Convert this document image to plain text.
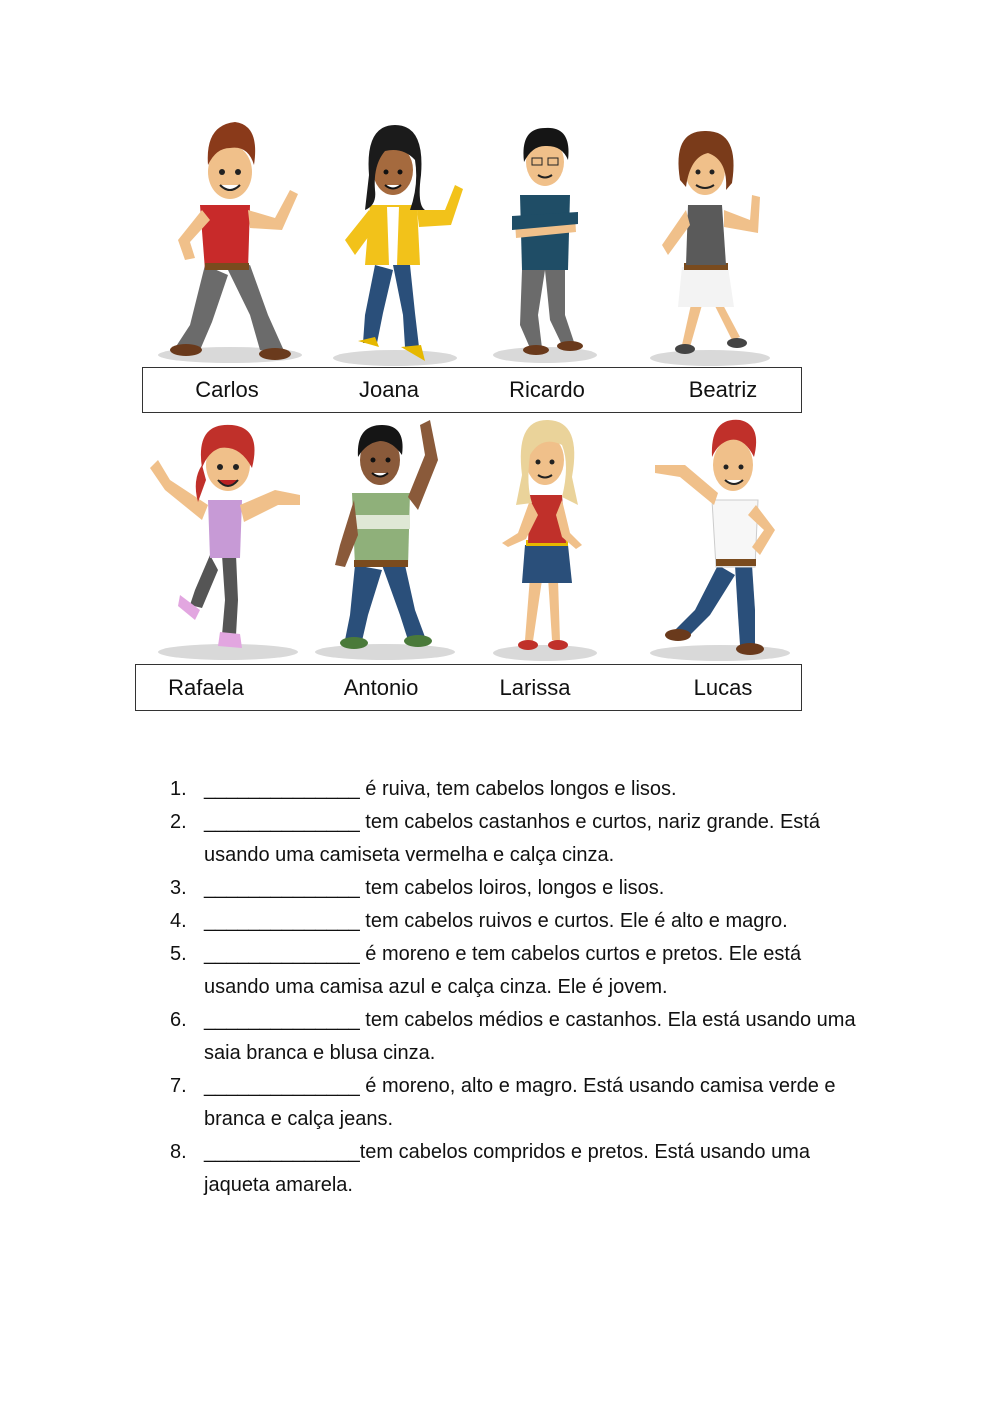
Carlos	Joana	Ricardo	Beatriz
Rafaela	Antonio	Larissa	Lucas
1. ______________ é ruiva, tem cabelos longos e lisos.
2. ______________ tem cabelos castanhos e curtos, nariz grande. Está usando uma camiseta vermelha e calça cinza.
3. ______________ tem cabelos loiros, longos e lisos.
4. ______________ tem cabelos ruivos e curtos. Ele é alto e magro.
5. ______________ é moreno e tem cabelos curtos e pretos. Ele está usando uma camisa azul e calça cinza. Ele é jovem.
6. ______________ tem cabelos médios e castanhos. Ela está usando uma saia branca e blusa cinza.
7. ______________ é moreno, alto e magro. Está usando camisa verde e branca e calça jeans.
8. ______________tem cabelos compridos e pretos. Está usando uma jaqueta amarela.
